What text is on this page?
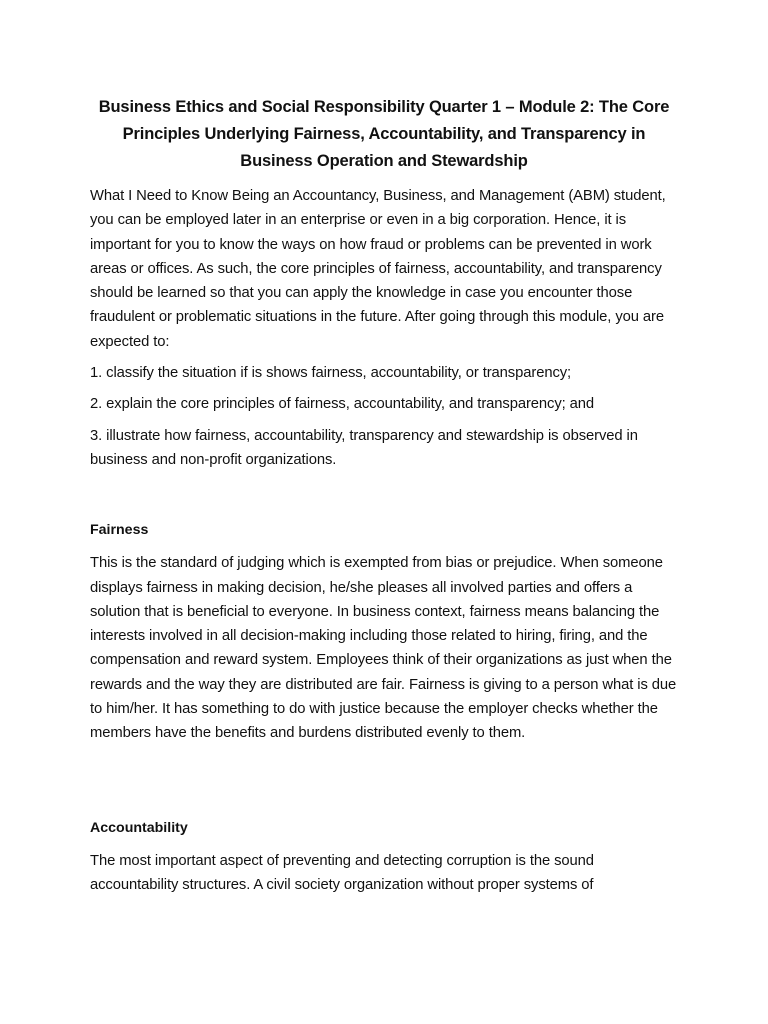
Business Ethics and Social Responsibility Quarter 1 – Module 2: The Core Principles Underlying Fairness, Accountability, and Transparency in Business Operation and Stewardship

What I Need to Know Being an Accountancy, Business, and Management (ABM) student, you can be employed later in an enterprise or even in a big corporation. Hence, it is important for you to know the ways on how fraud or problems can be prevented in work areas or offices. As such, the core principles of fairness, accountability, and transparency should be learned so that you can apply the knowledge in case you encounter those fraudulent or problematic situations in the future. After going through this module, you are expected to:

1. classify the situation if is shows fairness, accountability, or transparency;

2. explain the core principles of fairness, accountability, and transparency; and

3. illustrate how fairness, accountability, transparency and stewardship is observed in business and non-profit organizations.

Fairness

This is the standard of judging which is exempted from bias or prejudice. When someone displays fairness in making decision, he/she pleases all involved parties and offers a solution that is beneficial to everyone. In business context, fairness means balancing the interests involved in all decision-making including those related to hiring, firing, and the compensation and reward system. Employees think of their organizations as just when the rewards and the way they are distributed are fair. Fairness is giving to a person what is due to him/her. It has something to do with justice because the employer checks whether the members have the benefits and burdens distributed evenly to them.

Accountability

The most important aspect of preventing and detecting corruption is the sound accountability structures. A civil society organization without proper systems of
